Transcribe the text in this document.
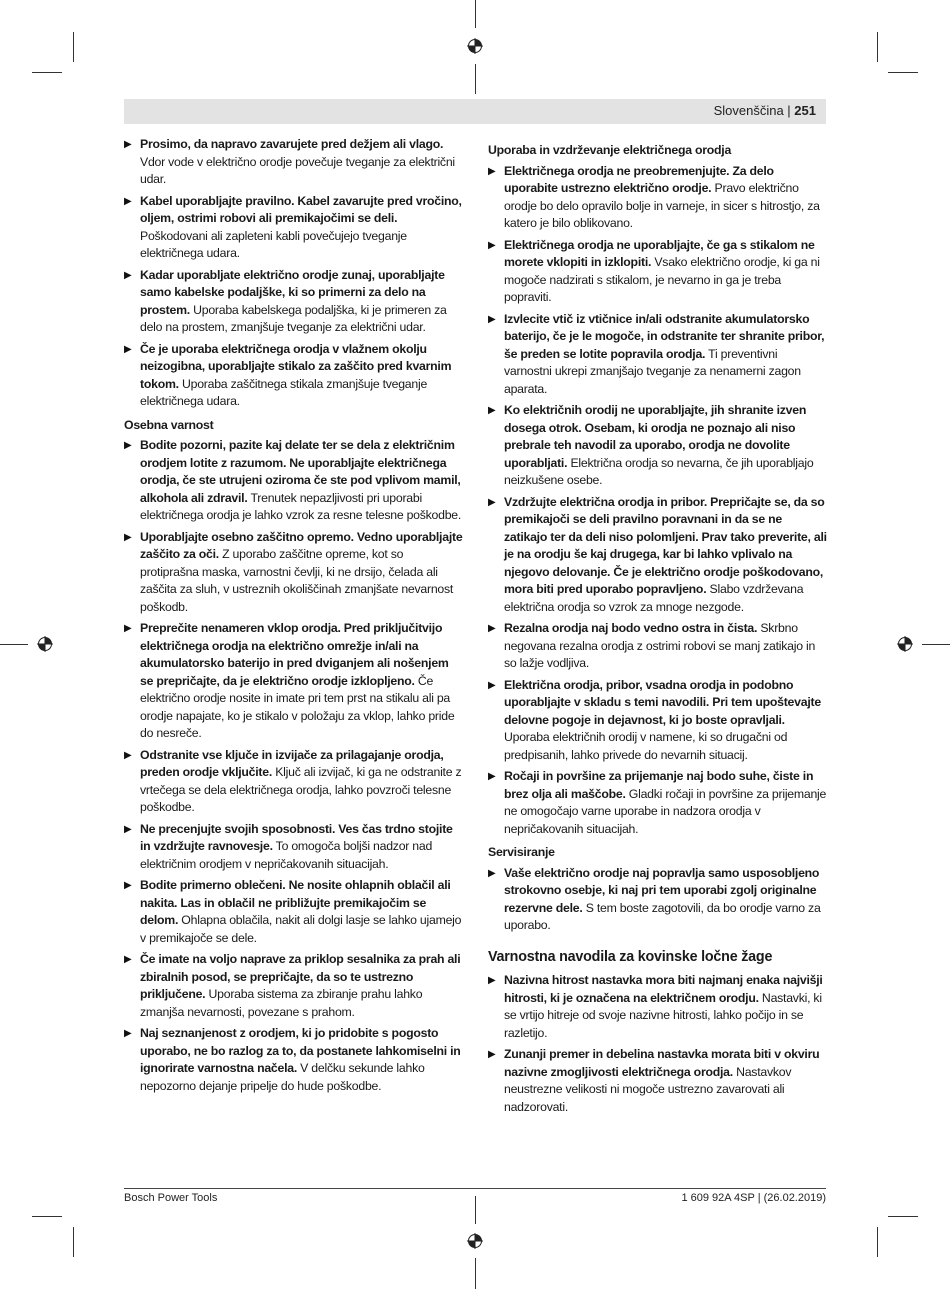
Slovenščina | 251
▶ Prosimo, da napravo zavarujete pred dežjem ali vlago. Vdor vode v električno orodje povečuje tveganje za električni udar.
▶ Kabel uporabljajte pravilno. Kabel zavarujte pred vročino, oljem, ostrimi robovi ali premikajočimi se deli. Poškodovani ali zapleteni kabli povečujejo tveganje električnega udara.
▶ Kadar uporabljate električno orodje zunaj, uporabljajte samo kabelske podaljške, ki so primerni za delo na prostem. Uporaba kabelskega podaljška, ki je primeren za delo na prostem, zmanjšuje tveganje za električni udar.
▶ Če je uporaba električnega orodja v vlažnem okolju neizogibna, uporabljajte stikalo za zaščito pred kvarnim tokom. Uporaba zaščitnega stikala zmanjšuje tveganje električnega udara.
Osebna varnost
▶ Bodite pozorni, pazite kaj delate ter se dela z električnim orodjem lotite z razumom. Ne uporabljajte električnega orodja, če ste utrujeni oziroma če ste pod vplivom mamil, alkohola ali zdravil. Trenutek nepazljivosti pri uporabi električnega orodja je lahko vzrok za resne telesne poškodbe.
▶ Uporabljajte osebno zaščitno opremo. Vedno uporabljajte zaščito za oči. Z uporabo zaščitne opreme, kot so protiprašna maska, varnostni čevlji, ki ne drsijo, čelada ali zaščita za sluh, v ustreznih okoliščinah zmanjšate nevarnost poškodb.
▶ Preprečite nenameren vklop orodja. Pred priključitvijo električnega orodja na električno omrežje in/ali na akumulatorsko baterijo in pred dviganjem ali nošenjem se prepričajte, da je električno orodje izklopljeno. Če električno orodje nosite in imate pri tem prst na stikalu ali pa orodje napajate, ko je stikalo v položaju za vklop, lahko pride do nesreče.
▶ Odstranite vse ključe in izvijače za prilagajanje orodja, preden orodje vključite. Ključ ali izvijač, ki ga ne odstranite z vrtečega se dela električnega orodja, lahko povzroči telesne poškodbe.
▶ Ne precenjujte svojih sposobnosti. Ves čas trdno stojite in vzdržujte ravnovesje. To omogoča boljši nadzor nad električnim orodjem v nepričakovanih situacijah.
▶ Bodite primerno oblečeni. Ne nosite ohlapnih oblačil ali nakita. Las in oblačil ne približujte premikajočim se delom. Ohlapna oblačila, nakit ali dolgi lasje se lahko ujamejo v premikajoče se dele.
▶ Če imate na voljo naprave za priklop sesalnika za prah ali zbiralnih posod, se prepričajte, da so te ustrezno priključene. Uporaba sistema za zbiranje prahu lahko zmanjša nevarnosti, povezane s prahom.
▶ Naj seznanjenost z orodjem, ki jo pridobite s pogosto uporabo, ne bo razlog za to, da postanete lahkomiselni in ignorirate varnostna načela. V delčku sekunde lahko nepozorno dejanje pripelje do hude poškodbe.
Uporaba in vzdrževanje električnega orodja
▶ Električnega orodja ne preobremenjujte. Za delo uporabite ustrezno električno orodje. Pravo električno orodje bo delo opravilo bolje in varneje, in sicer s hitrostjo, za katero je bilo oblikovano.
▶ Električnega orodja ne uporabljajte, če ga s stikalom ne morete vklopiti in izklopiti. Vsako električno orodje, ki ga ni mogoče nadzirati s stikalom, je nevarno in ga je treba popraviti.
▶ Izvlecite vtič iz vtičnice in/ali odstranite akumulatorsko baterijo, če je le mogoče, in odstranite ter shranite pribor, še preden se lotite popravila orodja. Ti preventivni varnostni ukrepi zmanjšajo tveganje za nenamerni zagon aparata.
▶ Ko električnih orodij ne uporabljajte, jih shranite izven dosega otrok. Osebam, ki orodja ne poznajo ali niso prebrale teh navodil za uporabo, orodja ne dovolite uporabljati. Električna orodja so nevarna, če jih uporabljajo neizkušene osebe.
▶ Vzdržujte električna orodja in pribor. Prepričajte se, da so premikajoči se deli pravilno poravnani in da se ne zatikajo ter da deli niso polomljeni. Prav tako preverite, ali je na orodju še kaj drugega, kar bi lahko vplivalo na njegovo delovanje. Če je električno orodje poškodovano, mora biti pred uporabo popravljeno. Slabo vzdrževana električna orodja so vzrok za mnoge nezgode.
▶ Rezalna orodja naj bodo vedno ostra in čista. Skrbno negovana rezalna orodja z ostrimi robovi se manj zatikajo in so lažje vodljiva.
▶ Električna orodja, pribor, vsadna orodja in podobno uporabljajte v skladu s temi navodili. Pri tem upoštevajte delovne pogoje in dejavnost, ki jo boste opravljali. Uporaba električnih orodij v namene, ki so drugačni od predpisanih, lahko privede do nevarnih situacij.
▶ Ročaji in površine za prijemanje naj bodo suhe, čiste in brez olja ali maščobe. Gladki ročaji in površine za prijemanje ne omogočajo varne uporabe in nadzora orodja v nepričakovanih situacijah.
Servisiranje
▶ Vaše električno orodje naj popravlja samo usposobljeno strokovno osebje, ki naj pri tem uporabi zgolj originalne rezervne dele. S tem boste zagotovili, da bo orodje varno za uporabo.
Varnostna navodila za kovinske ločne žage
▶ Nazivna hitrost nastavka mora biti najmanj enaka najvišji hitrosti, ki je označena na električnem orodju. Nastavki, ki se vrtijo hitreje od svoje nazivne hitrosti, lahko počijo in se razletijo.
▶ Zunanji premer in debelina nastavka morata biti v okviru nazivne zmogljivosti električnega orodja. Nastavkov neustrezne velikosti ni mogoče ustrezno zavarovati ali nadzorovati.
Bosch Power Tools	1 609 92A 4SP | (26.02.2019)
